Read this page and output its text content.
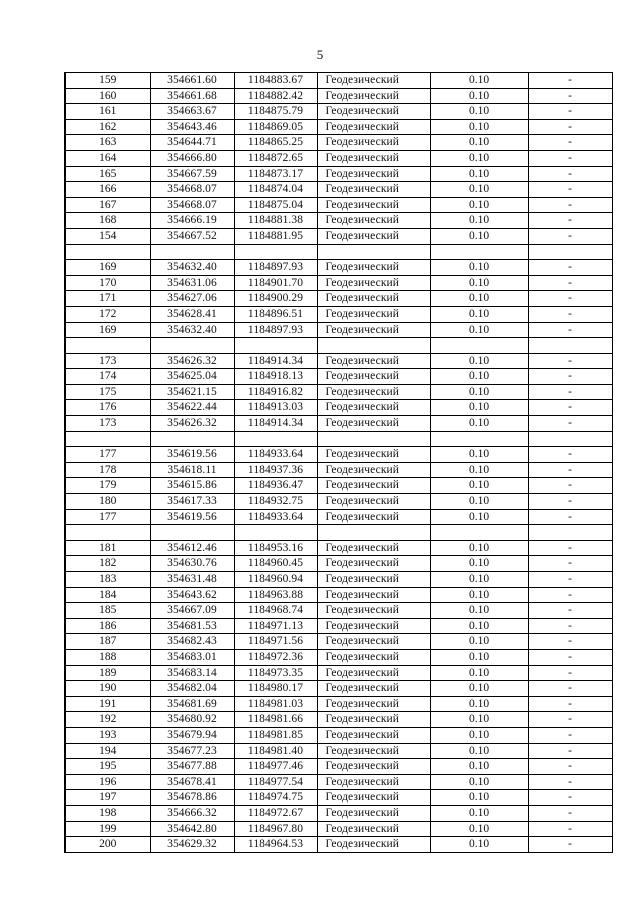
5
159	354661.60	1184883.67	Геодезический	0.10	-
160	354661.68	1184882.42	Геодезический	0.10	-
161	354663.67	1184875.79	Геодезический	0.10	-
162	354643.46	1184869.05	Геодезический	0.10	-
163	354644.71	1184865.25	Геодезический	0.10	-
164	354666.80	1184872.65	Геодезический	0.10	-
165	354667.59	1184873.17	Геодезический	0.10	-
166	354668.07	1184874.04	Геодезический	0.10	-
167	354668.07	1184875.04	Геодезический	0.10	-
168	354666.19	1184881.38	Геодезический	0.10	-
154	354667.52	1184881.95	Геодезический	0.10	-

169	354632.40	1184897.93	Геодезический	0.10	-
170	354631.06	1184901.70	Геодезический	0.10	-
171	354627.06	1184900.29	Геодезический	0.10	-
172	354628.41	1184896.51	Геодезический	0.10	-
169	354632.40	1184897.93	Геодезический	0.10	-

173	354626.32	1184914.34	Геодезический	0.10	-
174	354625.04	1184918.13	Геодезический	0.10	-
175	354621.15	1184916.82	Геодезический	0.10	-
176	354622.44	1184913.03	Геодезический	0.10	-
173	354626.32	1184914.34	Геодезический	0.10	-

177	354619.56	1184933.64	Геодезический	0.10	-
178	354618.11	1184937.36	Геодезический	0.10	-
179	354615.86	1184936.47	Геодезический	0.10	-
180	354617.33	1184932.75	Геодезический	0.10	-
177	354619.56	1184933.64	Геодезический	0.10	-

181	354612.46	1184953.16	Геодезический	0.10	-
182	354630.76	1184960.45	Геодезический	0.10	-
183	354631.48	1184960.94	Геодезический	0.10	-
184	354643.62	1184963.88	Геодезический	0.10	-
185	354667.09	1184968.74	Геодезический	0.10	-
186	354681.53	1184971.13	Геодезический	0.10	-
187	354682.43	1184971.56	Геодезический	0.10	-
188	354683.01	1184972.36	Геодезический	0.10	-
189	354683.14	1184973.35	Геодезический	0.10	-
190	354682.04	1184980.17	Геодезический	0.10	-
191	354681.69	1184981.03	Геодезический	0.10	-
192	354680.92	1184981.66	Геодезический	0.10	-
193	354679.94	1184981.85	Геодезический	0.10	-
194	354677.23	1184981.40	Геодезический	0.10	-
195	354677.88	1184977.46	Геодезический	0.10	-
196	354678.41	1184977.54	Геодезический	0.10	-
197	354678.86	1184974.75	Геодезический	0.10	-
198	354666.32	1184972.67	Геодезический	0.10	-
199	354642.80	1184967.80	Геодезический	0.10	-
200	354629.32	1184964.53	Геодезический	0.10	-
